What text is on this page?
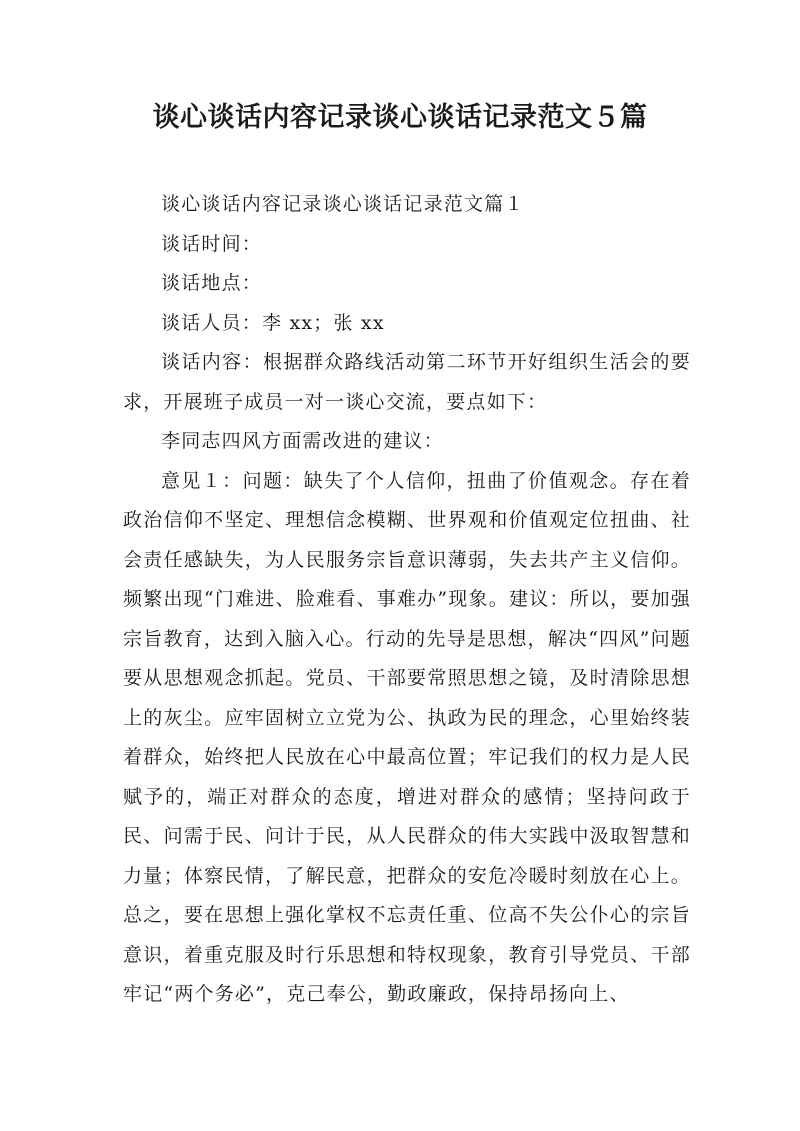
谈心谈话内容记录谈心谈话记录范文５篇

谈心谈话内容记录谈心谈话记录范文篇１

谈话时间：

谈话地点：

谈话人员：李 xx；张 xx

谈话内容：根据群众路线活动第二环节开好组织生活会的要求，开展班子成员一对一谈心交流，要点如下：

李同志四风方面需改进的建议：

意见１：问题：缺失了个人信仰，扭曲了价值观念。存在着政治信仰不坚定、理想信念模糊、世界观和价值观定位扭曲、社会责任感缺失，为人民服务宗旨意识薄弱，失去共产主义信仰。频繁出现“门难进、脸难看、事难办”现象。建议：所以，要加强宗旨教育，达到入脑入心。行动的先导是思想，解决“四风”问题要从思想观念抓起。党员、干部要常照思想之镜，及时清除思想上的灰尘。应牢固树立立党为公、执政为民的理念，心里始终装着群众，始终把人民放在心中最高位置；牢记我们的权力是人民赋予的，端正对群众的态度，增进对群众的感情；坚持问政于民、问需于民、问计于民，从人民群众的伟大实践中汲取智慧和力量；体察民情，了解民意，把群众的安危冷暖时刻放在心上。总之，要在思想上强化掌权不忘责任重、位高不失公仆心的宗旨意识，着重克服及时行乐思想和特权现象，教育引导党员、干部牢记“两个务必”，克己奉公，勤政廉政，保持昂扬向上、
